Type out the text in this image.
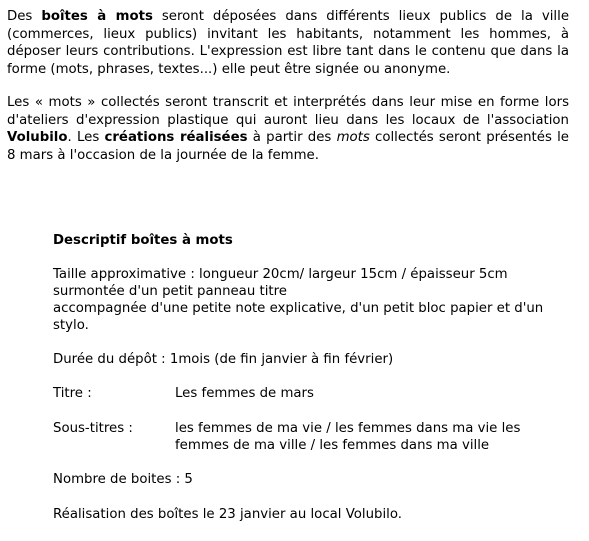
Des boîtes à mots seront déposées dans différents lieux publics de la ville (commerces, lieux publics) invitant les habitants, notamment les hommes, à déposer leurs contributions. L'expression est libre tant dans le contenu que dans la forme (mots, phrases, textes...) elle peut être signée ou anonyme.

Les « mots » collectés seront transcrit et interprétés dans leur mise en forme lors d'ateliers d'expression plastique qui auront lieu dans les locaux de l'association Volubilo. Les créations réalisées à partir des mots collectés seront présentés le 8 mars à l'occasion de la journée de la femme.

Descriptif boîtes à mots
Taille approximative : longueur 20cm/ largeur 15cm / épaisseur 5cm
surmontée d'un petit panneau titre
accompagnée d'une petite note explicative, d'un petit bloc papier et d'un
stylo.
Durée du dépôt : 1mois (de fin janvier à fin février)
Titre :	Les femmes de mars
Sous-titres :	les femmes de ma vie / les femmes dans ma vie les
femmes de ma ville / les femmes dans ma ville
Nombre de boites : 5
Réalisation des boîtes le 23 janvier au local Volubilo.
